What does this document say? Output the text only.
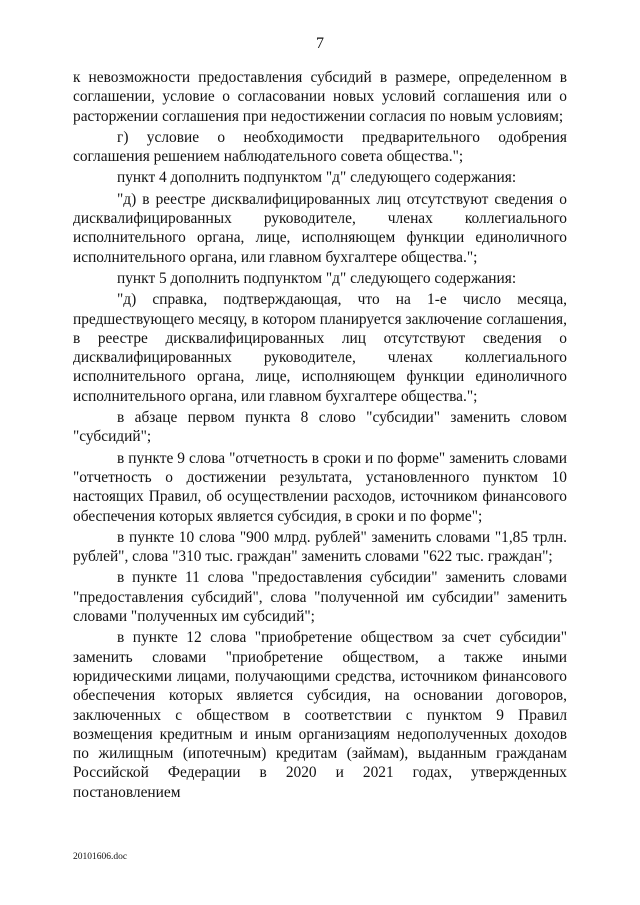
7

к невозможности предоставления субсидий в размере, определенном в соглашении, условие о согласовании новых условий соглашения или о расторжении соглашения при недостижении согласия по новым условиям;

г) условие о необходимости предварительного одобрения соглашения решением наблюдательного совета общества.";

пункт 4 дополнить подпунктом "д" следующего содержания:

"д) в реестре дисквалифицированных лиц отсутствуют сведения о дисквалифицированных руководителе, членах коллегиального исполнительного органа, лице, исполняющем функции единоличного исполнительного органа, или главном бухгалтере общества.";

пункт 5 дополнить подпунктом "д" следующего содержания:

"д) справка, подтверждающая, что на 1-е число месяца, предшествующего месяцу, в котором планируется заключение соглашения, в реестре дисквалифицированных лиц отсутствуют сведения о дисквалифицированных руководителе, членах коллегиального исполнительного органа, лице, исполняющем функции единоличного исполнительного органа, или главном бухгалтере общества.";

в абзаце первом пункта 8 слово "субсидии" заменить словом "субсидий";

в пункте 9 слова "отчетность в сроки и по форме" заменить словами "отчетность о достижении результата, установленного пунктом 10 настоящих Правил, об осуществлении расходов, источником финансового обеспечения которых является субсидия, в сроки и по форме";

в пункте 10 слова "900 млрд. рублей" заменить словами "1,85 трлн. рублей", слова "310 тыс. граждан" заменить словами "622 тыс. граждан";

в пункте 11 слова "предоставления субсидии" заменить словами "предоставления субсидий", слова "полученной им субсидии" заменить словами "полученных им субсидий";

в пункте 12 слова "приобретение обществом за счет субсидии" заменить словами "приобретение обществом, а также иными юридическими лицами, получающими средства, источником финансового обеспечения которых является субсидия, на основании договоров, заключенных с обществом в соответствии с пунктом 9 Правил возмещения кредитным и иным организациям недополученных доходов по жилищным (ипотечным) кредитам (займам), выданным гражданам Российской Федерации в 2020 и 2021 годах, утвержденных постановлением

20101606.doc
